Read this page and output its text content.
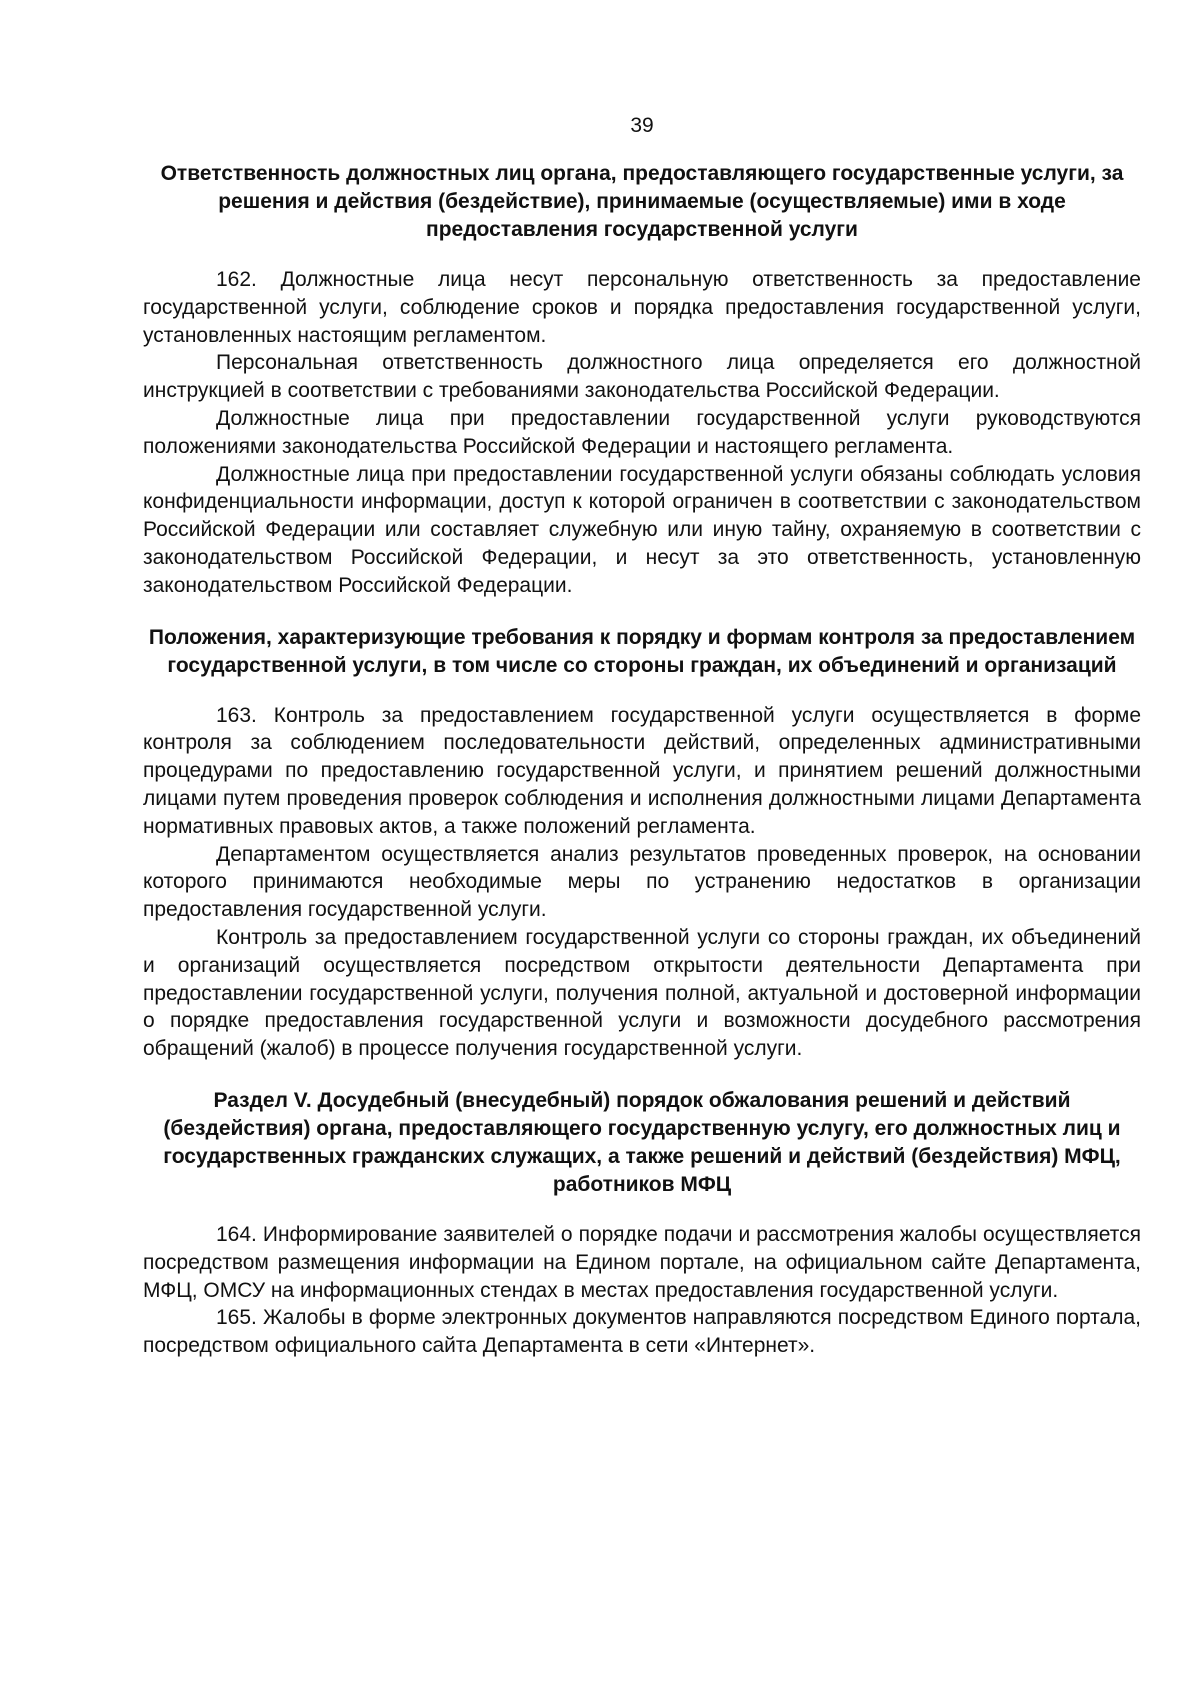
39
Ответственность должностных лиц органа, предоставляющего государственные услуги, за решения и действия (бездействие), принимаемые (осуществляемые) ими в ходе предоставления государственной услуги

162. Должностные лица несут персональную ответственность за предоставление государственной услуги, соблюдение сроков и порядка предоставления государственной услуги, установленных настоящим регламентом.

Персональная ответственность должностного лица определяется его должностной инструкцией в соответствии с требованиями законодательства Российской Федерации.

Должностные лица при предоставлении государственной услуги руководствуются положениями законодательства Российской Федерации и настоящего регламента.

Должностные лица при предоставлении государственной услуги обязаны соблюдать условия конфиденциальности информации, доступ к которой ограничен в соответствии с законодательством Российской Федерации или составляет служебную или иную тайну, охраняемую в соответствии с законодательством Российской Федерации, и несут за это ответственность, установленную законодательством Российской Федерации.

Положения, характеризующие требования к порядку и формам контроля за предоставлением государственной услуги, в том числе со стороны граждан, их объединений и организаций

163. Контроль за предоставлением государственной услуги осуществляется в форме контроля за соблюдением последовательности действий, определенных административными процедурами по предоставлению государственной услуги, и принятием решений должностными лицами путем проведения проверок соблюдения и исполнения должностными лицами Департамента нормативных правовых актов, а также положений регламента.

Департаментом осуществляется анализ результатов проведенных проверок, на основании которого принимаются необходимые меры по устранению недостатков в организации предоставления государственной услуги.

Контроль за предоставлением государственной услуги со стороны граждан, их объединений и организаций осуществляется посредством открытости деятельности Департамента при предоставлении государственной услуги, получения полной, актуальной и достоверной информации о порядке предоставления государственной услуги и возможности досудебного рассмотрения обращений (жалоб) в процессе получения государственной услуги.

Раздел V. Досудебный (внесудебный) порядок обжалования решений и действий (бездействия) органа, предоставляющего государственную услугу, его должностных лиц и государственных гражданских служащих, а также решений и действий (бездействия) МФЦ, работников МФЦ

164. Информирование заявителей о порядке подачи и рассмотрения жалобы осуществляется посредством размещения информации на Едином портале, на официальном сайте Департамента, МФЦ, ОМСУ на информационных стендах в местах предоставления государственной услуги.

165. Жалобы в форме электронных документов направляются посредством Единого портала, посредством официального сайта Департамента в сети «Интернет».
